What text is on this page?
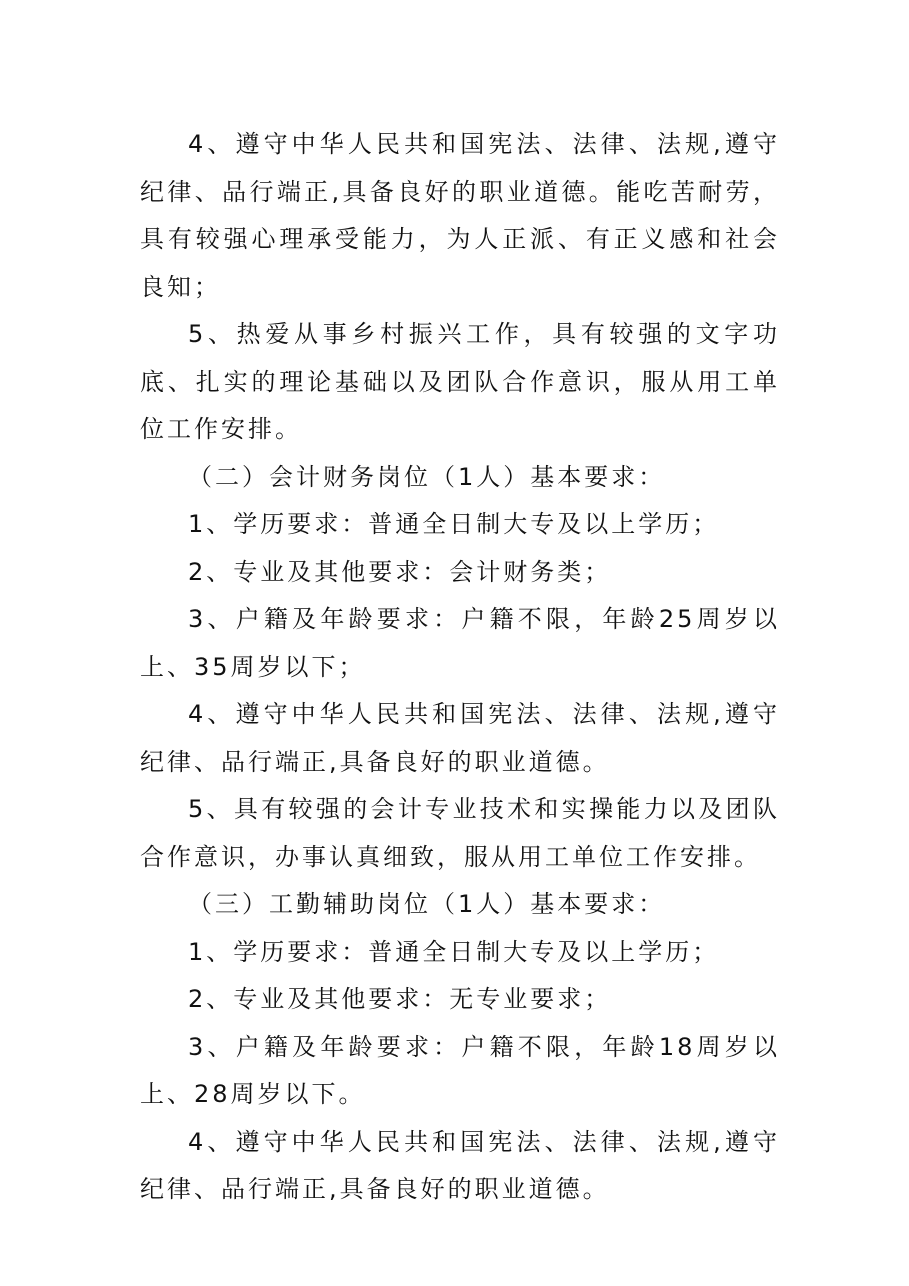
4、遵守中华人民共和国宪法、法律、法规,遵守纪律、品行端正,具备良好的职业道德。能吃苦耐劳，具有较强心理承受能力，为人正派、有正义感和社会良知；

5、热爱从事乡村振兴工作，具有较强的文字功底、扎实的理论基础以及团队合作意识，服从用工单位工作安排。

（二）会计财务岗位（1人）基本要求：

1、学历要求：普通全日制大专及以上学历；

2、专业及其他要求：会计财务类；

3、户籍及年龄要求：户籍不限，年龄25周岁以上、35周岁以下；

4、遵守中华人民共和国宪法、法律、法规,遵守纪律、品行端正,具备良好的职业道德。

5、具有较强的会计专业技术和实操能力以及团队合作意识，办事认真细致，服从用工单位工作安排。

（三）工勤辅助岗位（1人）基本要求：

1、学历要求：普通全日制大专及以上学历；

2、专业及其他要求：无专业要求；

3、户籍及年龄要求：户籍不限，年龄18周岁以上、28周岁以下。

4、遵守中华人民共和国宪法、法律、法规,遵守纪律、品行端正,具备良好的职业道德。
